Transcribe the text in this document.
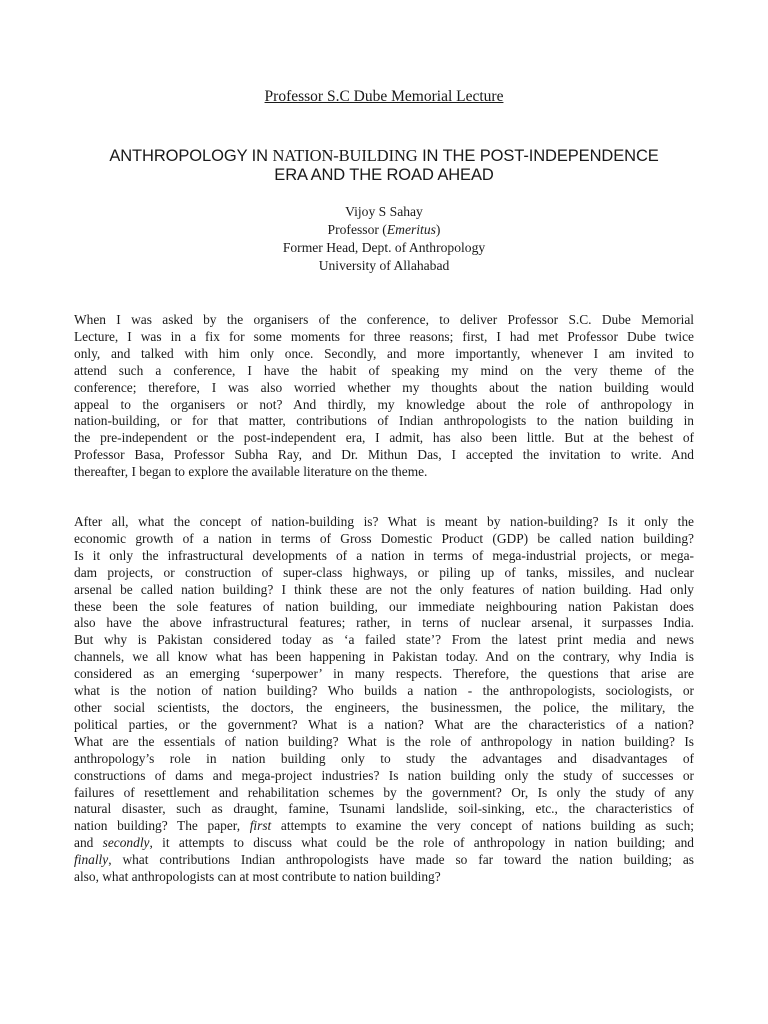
Professor S.C Dube Memorial Lecture
ANTHROPOLOGY IN NATION-BUILDING IN THE POST-INDEPENDENCE
ERA AND THE ROAD AHEAD
Vijoy S Sahay
Professor (Emeritus)
Former Head, Dept. of Anthropology
University of Allahabad
When I was asked by the organisers of the conference, to deliver Professor S.C. Dube Memorial
Lecture, I was in a fix for some moments for three reasons; first, I had met Professor Dube twice
only, and talked with him only once. Secondly, and more importantly, whenever I am invited to
attend such a conference, I have the habit of speaking my mind on the very theme of the
conference; therefore, I was also worried whether my thoughts about the nation building would
appeal to the organisers or not? And thirdly, my knowledge about the role of anthropology in
nation-building, or for that matter, contributions of Indian anthropologists to the nation building in
the pre-independent or the post-independent era, I admit, has also been little. But at the behest of
Professor Basa, Professor Subha Ray, and Dr. Mithun Das, I accepted the invitation to write. And
thereafter, I began to explore the available literature on the theme.
After all, what the concept of nation-building is? What is meant by nation-building? Is it only the
economic growth of a nation in terms of Gross Domestic Product (GDP) be called nation building?
Is it only the infrastructural developments of a nation in terms of mega-industrial projects, or mega-
dam projects, or construction of super-class highways, or piling up of tanks, missiles, and nuclear
arsenal be called nation building? I think these are not the only features of nation building. Had only
these been the sole features of nation building, our immediate neighbouring nation Pakistan does
also have the above infrastructural features; rather, in terns of nuclear arsenal, it surpasses India.
But why is Pakistan considered today as ‘a failed state’? From the latest print media and news
channels, we all know what has been happening in Pakistan today. And on the contrary, why India is
considered as an emerging ‘superpower’ in many respects. Therefore, the questions that arise are
what is the notion of nation building? Who builds a nation - the anthropologists, sociologists, or
other social scientists, the doctors, the engineers, the businessmen, the police, the military, the
political parties, or the government? What is a nation? What are the characteristics of a nation?
What are the essentials of nation building? What is the role of anthropology in nation building? Is
anthropology’s role in nation building only to study the advantages and disadvantages of
constructions of dams and mega-project industries? Is nation building only the study of successes or
failures of resettlement and rehabilitation schemes by the government? Or, Is only the study of any
natural disaster, such as draught, famine, Tsunami landslide, soil-sinking, etc., the characteristics of
nation building? The paper, first attempts to examine the very concept of nations building as such;
and secondly, it attempts to discuss what could be the role of anthropology in nation building; and
finally, what contributions Indian anthropologists have made so far toward the nation building; as
also, what anthropologists can at most contribute to nation building?
